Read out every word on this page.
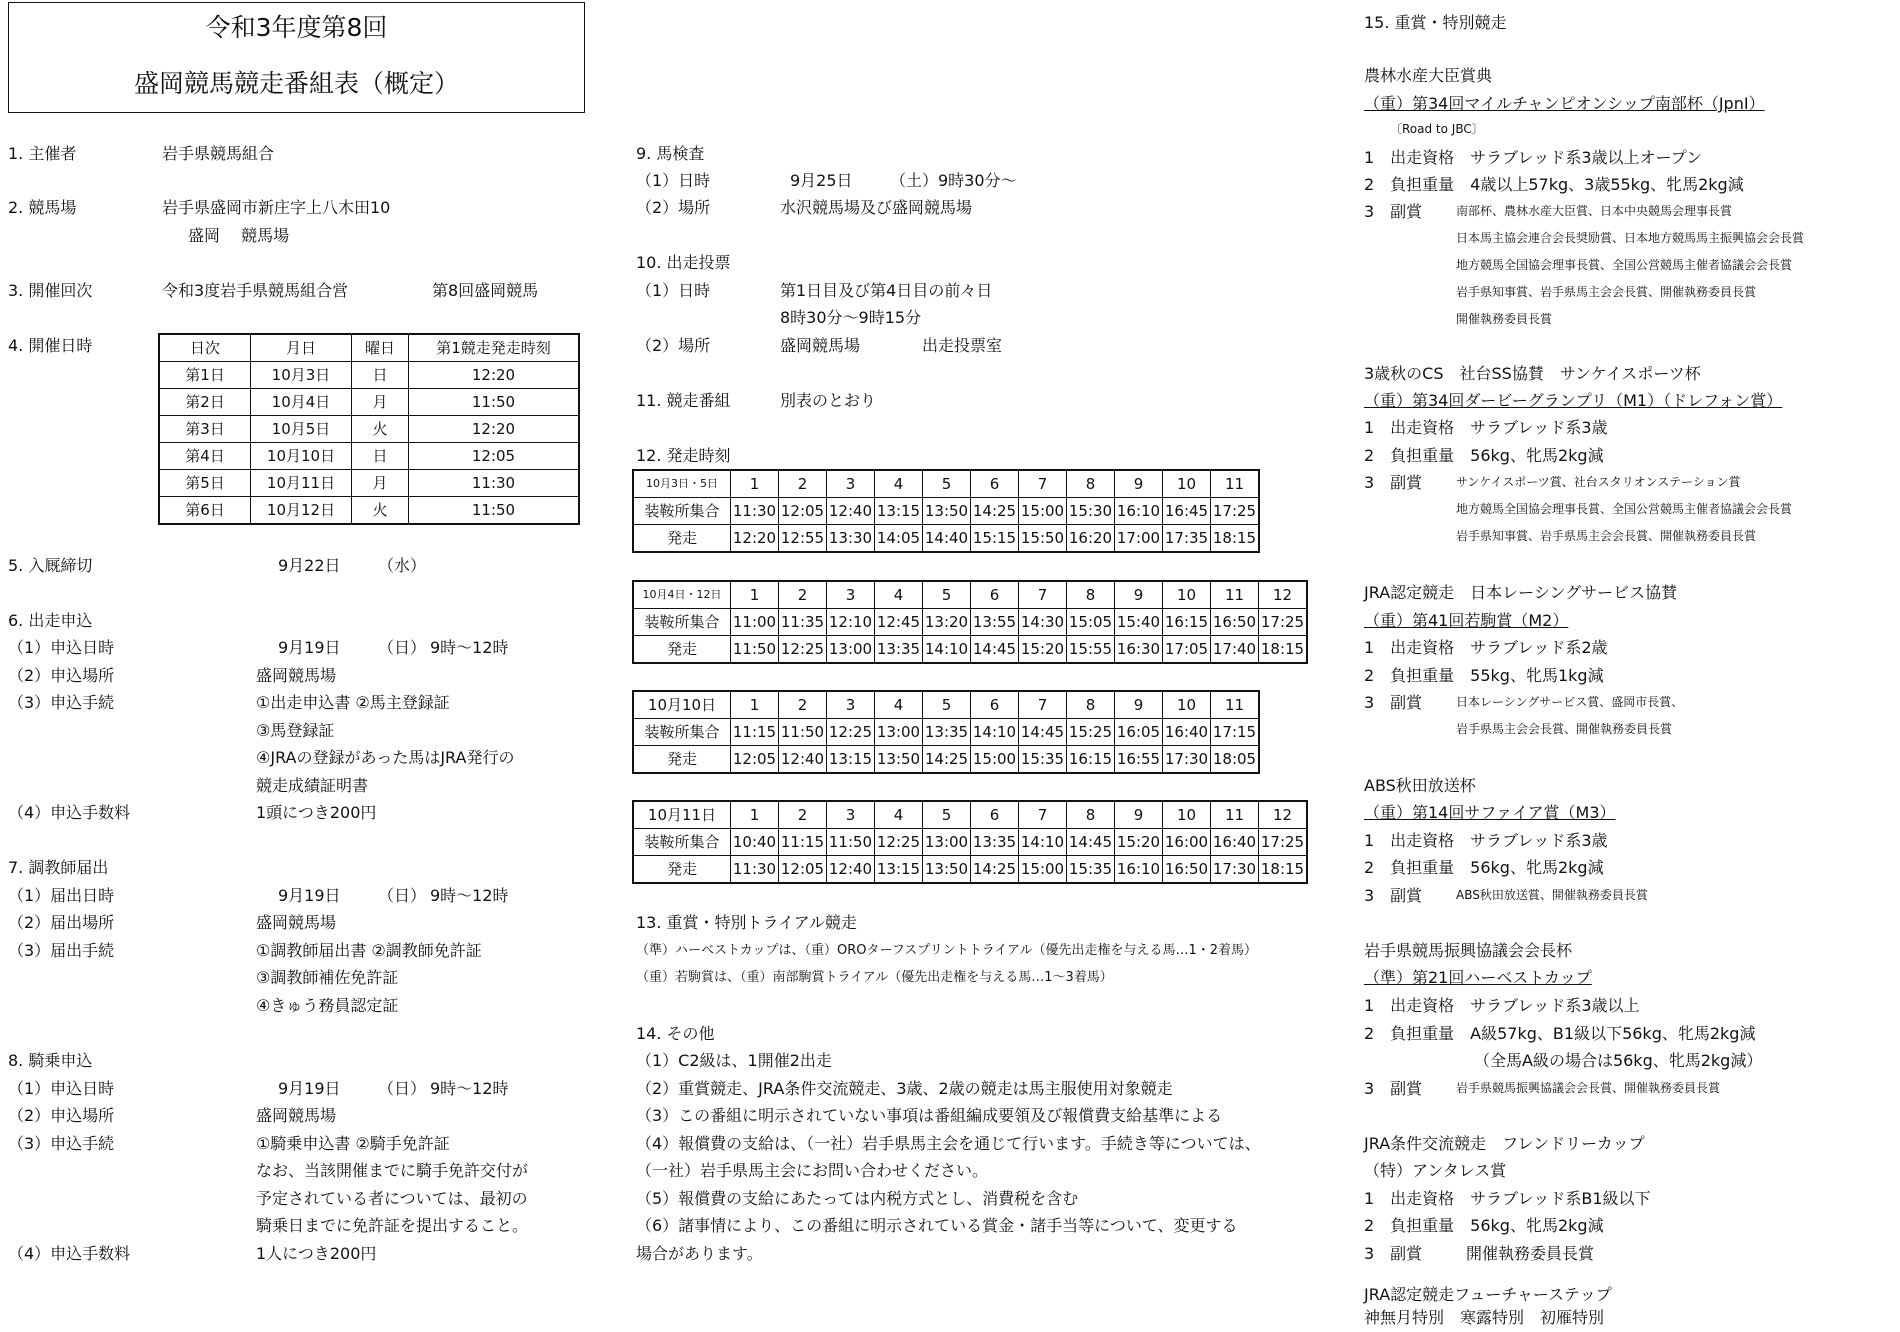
令和3年度第8回
盛岡競馬競走番組表（概定）
1. 主催者	岩手県競馬組合
2. 競馬場	岩手県盛岡市新庄字上八木田10
盛岡　 競馬場
3. 開催回次	令和3度岩手県競馬組合営	第8回盛岡競馬
4. 開催日時	日次	月日	曜日	第1競走発走時刻
第1日	10月3日	日	12:20
第2日	10月4日	月	11:50
第3日	10月5日	火	12:20
第4日	10月10日	日	12:05
第5日	10月11日	月	11:30
第6日	10月12日	火	11:50
5. 入厩締切	9月22日 （水）
6. 出走申込
（1）申込日時	9月19日 （日） 9時～12時
（2）申込場所	盛岡競馬場
（3）申込手続	①出走申込書 ②馬主登録証
③馬登録証
④JRAの登録があった馬はJRA発行の
競走成績証明書
（4）申込手数料	1頭につき200円
7. 調教師届出
（1）届出日時	9月19日 （日） 9時～12時
（2）届出場所	盛岡競馬場
（3）届出手続	①調教師届出書 ②調教師免許証
③調教師補佐免許証
④きゅう務員認定証
8. 騎乗申込
（1）申込日時	9月19日 （日） 9時～12時
（2）申込場所	盛岡競馬場
（3）申込手続	①騎乗申込書 ②騎手免許証
なお、当該開催までに騎手免許交付が
予定されている者については、最初の
騎乗日までに免許証を提出すること。
（4）申込手数料	1人につき200円
9. 馬検査
（1）日時	9月25日 （土）9時30分～
（2）場所	水沢競馬場及び盛岡競馬場
10. 出走投票
（1）日時	第1日目及び第4日目の前々日
8時30分～9時15分
（2）場所	盛岡競馬場	出走投票室
11. 競走番組	別表のとおり
12. 発走時刻
10月3日・5日	1	2	3	4	5	6	7	8	9	10	11
装鞍所集合	11:30	12:05	12:40	13:15	13:50	14:25	15:00	15:30	16:10	16:45	17:25
発走	12:20	12:55	13:30	14:05	14:40	15:15	15:50	16:20	17:00	17:35	18:15
10月4日・12日	1	2	3	4	5	6	7	8	9	10	11	12
装鞍所集合	11:00	11:35	12:10	12:45	13:20	13:55	14:30	15:05	15:40	16:15	16:50	17:25
発走	11:50	12:25	13:00	13:35	14:10	14:45	15:20	15:55	16:30	17:05	17:40	18:15
10月10日	1	2	3	4	5	6	7	8	9	10	11
装鞍所集合	11:15	11:50	12:25	13:00	13:35	14:10	14:45	15:25	16:05	16:40	17:15
発走	12:05	12:40	13:15	13:50	14:25	15:00	15:35	16:15	16:55	17:30	18:05
10月11日	1	2	3	4	5	6	7	8	9	10	11	12
装鞍所集合	10:40	11:15	11:50	12:25	13:00	13:35	14:10	14:45	15:20	16:00	16:40	17:25
発走	11:30	12:05	12:40	13:15	13:50	14:25	15:00	15:35	16:10	16:50	17:30	18:15
13. 重賞・特別トライアル競走
（準）ハーベストカップは、（重）OROターフスプリントトライアル（優先出走権を与える馬…1・2着馬）
（重）若駒賞は、（重）南部駒賞トライアル（優先出走権を与える馬…1～3着馬）
14. その他
（1）C2級は、1開催2出走
（2）重賞競走、JRA条件交流競走、3歳、2歳の競走は馬主服使用対象競走
（3）この番組に明示されていない事項は番組編成要領及び報償費支給基準による
（4）報償費の支給は、（一社）岩手県馬主会を通じて行います。手続き等については、
（一社）岩手県馬主会にお問い合わせください。
（5）報償費の支給にあたっては内税方式とし、消費税を含む
（6）諸事情により、この番組に明示されている賞金・諸手当等について、変更する
場合があります。
15. 重賞・特別競走
農林水産大臣賞典
（重）第34回マイルチャンピオンシップ南部杯（JpnⅠ）
〔Road to JBC〕
1　出走資格　サラブレッド系3歳以上オープン
2　負担重量　4歳以上57kg、3歳55kg、牝馬2kg減
3　副賞	南部杯、農林水産大臣賞、日本中央競馬会理事長賞
日本馬主協会連合会長奨励賞、日本地方競馬馬主振興協会会長賞
地方競馬全国協会理事長賞、全国公営競馬主催者協議会会長賞
岩手県知事賞、岩手県馬主会会長賞、開催執務委員長賞
開催執務委員長賞
3歳秋のCS　社台SS協賛　サンケイスポーツ杯
（重）第34回ダービーグランプリ（M1）（ドレフォン賞）
1　出走資格　サラブレッド系3歳
2　負担重量　56kg、牝馬2kg減
3　副賞	サンケイスポーツ賞、社台スタリオンステーション賞
地方競馬全国協会理事長賞、全国公営競馬主催者協議会会長賞
岩手県知事賞、岩手県馬主会会長賞、開催執務委員長賞
JRA認定競走　日本レーシングサービス協賛
（重）第41回若駒賞（M2）
1　出走資格　サラブレッド系2歳
2　負担重量　55kg、牝馬1kg減
3　副賞	日本レーシングサービス賞、盛岡市長賞、
岩手県馬主会会長賞、開催執務委員長賞
ABS秋田放送杯
（重）第14回サファイア賞（M3）
1　出走資格　サラブレッド系3歳
2　負担重量　56kg、牝馬2kg減
3　副賞	ABS秋田放送賞、開催執務委員長賞
岩手県競馬振興協議会会長杯
（準）第21回ハーベストカップ
1　出走資格　サラブレッド系3歳以上
2　負担重量　A級57kg、B1級以下56kg、牝馬2kg減
（全馬A級の場合は56kg、牝馬2kg減）
3　副賞	岩手県競馬振興協議会会長賞、開催執務委員長賞
JRA条件交流競走　フレンドリーカップ
（特）アンタレス賞
1　出走資格　サラブレッド系B1級以下
2　負担重量　56kg、牝馬2kg減
3　副賞	開催執務委員長賞
JRA認定競走フューチャーステップ
神無月特別　寒露特別　初雁特別
